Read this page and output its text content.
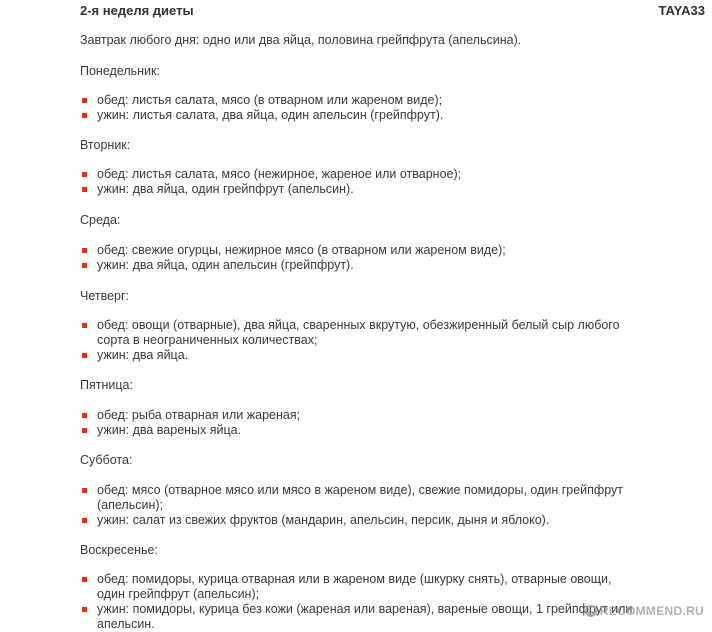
2-я неделя диеты	TAYA33
Завтрак любого дня: одно или два яйца, половина грейпфрута (апельсина).
Понедельник:
обед: листья салата, мясо (в отварном или жареном виде);
ужин: листья салата, два яйца, один апельсин (грейпфрут).
Вторник:
обед: листья салата, мясо (нежирное, жареное или отварное);
ужин: два яйца, один грейпфрут (апельсин).
Среда:
обед: свежие огурцы, нежирное мясо (в отварном или жареном виде);
ужин: два яйца, один апельсин (грейпфрут).
Четверг:
обед: овощи (отварные), два яйца, сваренных вкрутую, обезжиренный белый сыр любого сорта в неограниченных количествах;
ужин: два яйца.
Пятница:
обед: рыба отварная или жареная;
ужин: два вареных яйца.
Суббота:
обед: мясо (отварное мясо или мясо в жареном виде), свежие помидоры, один грейпфрут (апельсин);
ужин: салат из свежих фруктов (мандарин, апельсин, персик, дыня и яблоко).
Воскресенье:
обед: помидоры, курица отварная или в жареном виде (шкурку снять), отварные овощи, один грейпфрут (апельсин);
ужин: помидоры, курица без кожи (жареная или вареная), вареные овощи, 1 грейпфрут или апельсин.
RECOMMEND.RU
